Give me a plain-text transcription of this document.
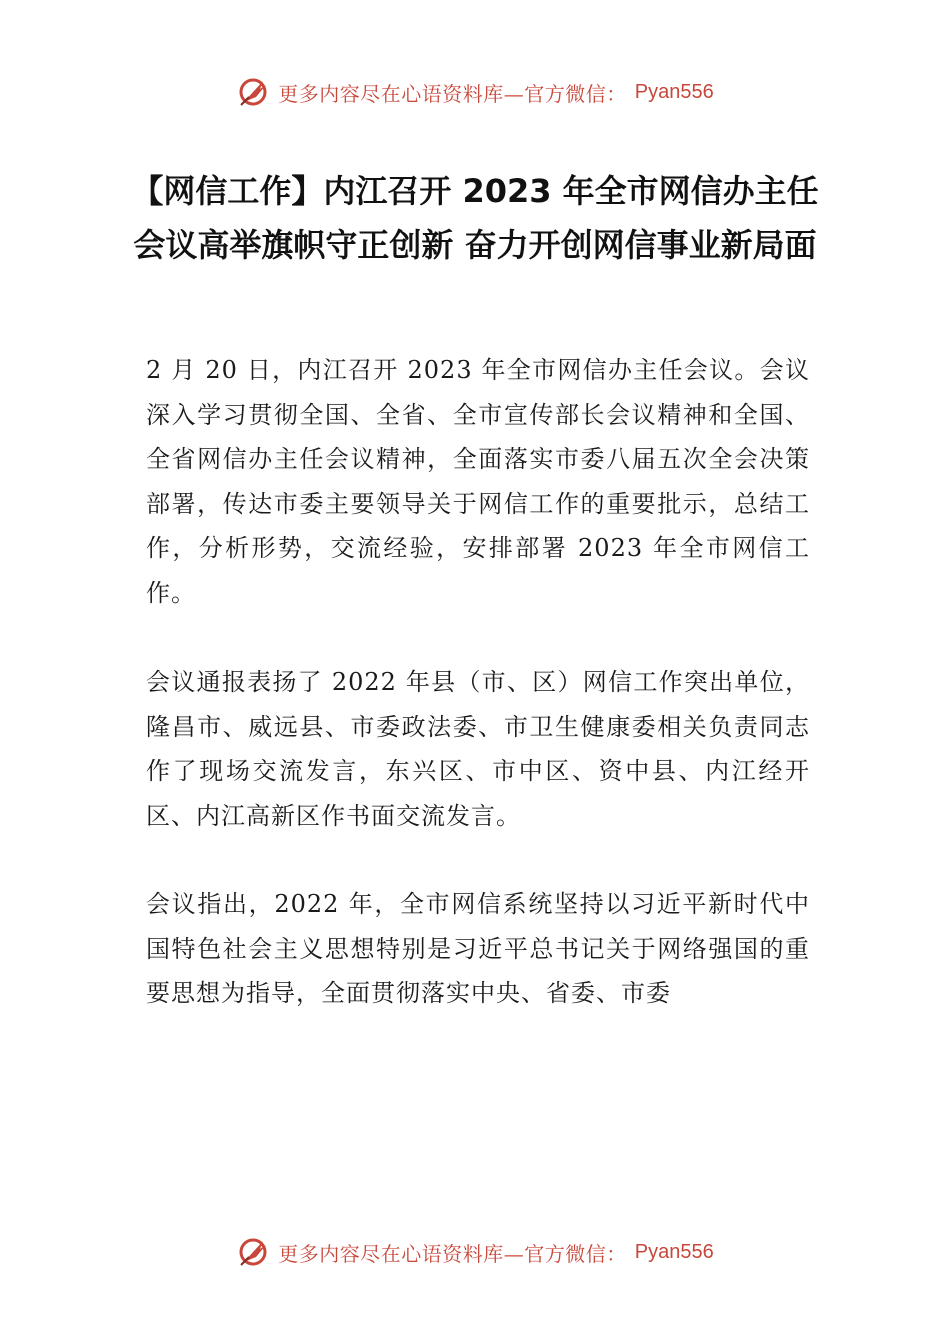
更多内容尽在心语资料库—官方微信： Pyan556
【网信工作】内江召开 2023 年全市网信办主任会议高举旗帜守正创新 奋力开创网信事业新局面

2 月 20 日，内江召开 2023 年全市网信办主任会议。会议深入学习贯彻全国、全省、全市宣传部长会议精神和全国、全省网信办主任会议精神，全面落实市委八届五次全会决策部署，传达市委主要领导关于网信工作的重要批示，总结工作，分析形势，交流经验，安排部署 2023 年全市网信工作。

会议通报表扬了 2022 年县（市、区）网信工作突出单位， 隆昌市、威远县、市委政法委、市卫生健康委相关负责同志作了现场交流发言，东兴区、市中区、资中县、内江经开区、内江高新区作书面交流发言。

会议指出，2022 年，全市网信系统坚持以习近平新时代中国特色社会主义思想特别是习近平总书记关于网络强国的重要思想为指导，全面贯彻落实中央、省委、市委

更多内容尽在心语资料库—官方微信： Pyan556
